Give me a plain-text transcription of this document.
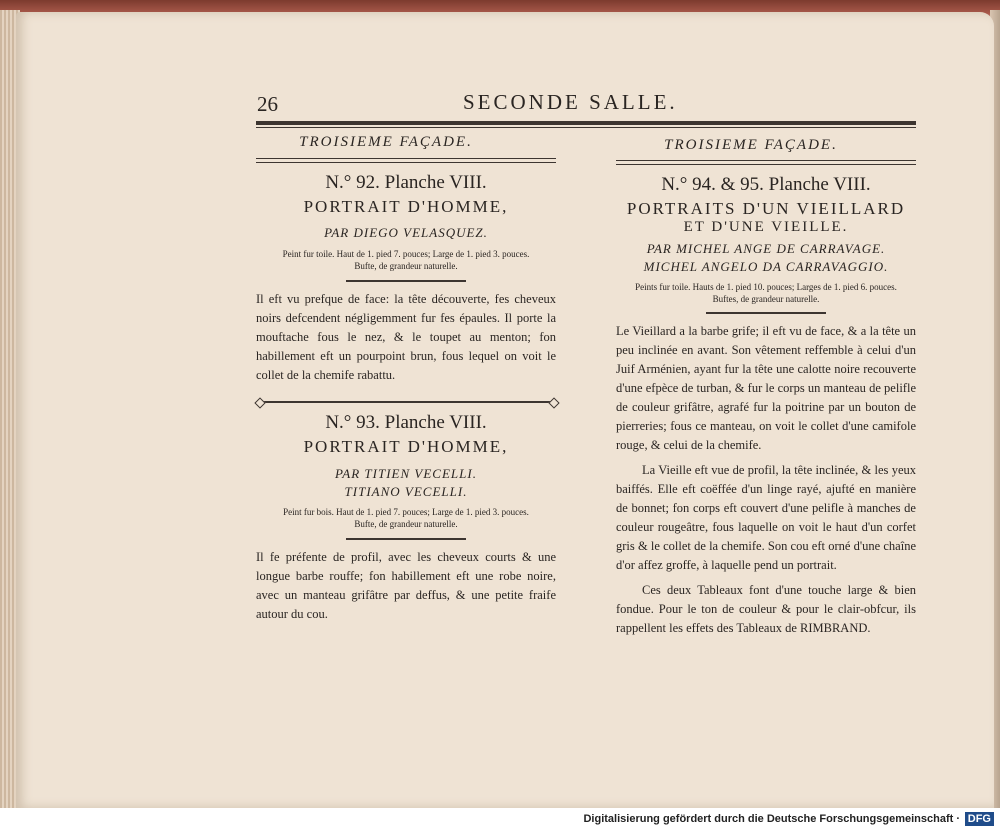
26	SECONDE SALLE.
TROISIEME FAÇADE.
N.° 92. Planche VIII.
PORTRAIT D'HOMME,
PAR DIEGO VELASQUEZ.
Peint fur toile. Haut de 1. pied 7. pouces; Large de 1. pied 3. pouces.
Bufte, de grandeur naturelle.

Il eft vu prefque de face: la tête découverte, fes cheveux noirs defcendent négligemment fur fes épaules. Il porte la mouftache fous le nez, & le toupet au menton; fon habillement eft un pourpoint brun, fous lequel on voit le collet de la chemife rabattu.

N.° 93. Planche VIII.
PORTRAIT D'HOMME,
PAR TITIEN VECELLI.
TITIANO VECELLI.
Peint fur bois. Haut de 1. pied 7. pouces; Large de 1. pied 3. pouces.
Bufte, de grandeur naturelle.

Il fe préfente de profil, avec les cheveux courts & une longue barbe rouffe; fon habillement eft une robe noire, avec un manteau grifâtre par deffus, & une petite fraife autour du cou.

TROISIEME FAÇADE.
N.° 94. & 95. Planche VIII.
PORTRAITS D'UN VIEILLARD
ET D'UNE VIEILLE.
PAR MICHEL ANGE DE CARRAVAGE.
MICHEL ANGELO DA CARRAVAGGIO.
Peints fur toile. Hauts de 1. pied 10. pouces; Larges de 1. pied 6. pouces.
Buftes, de grandeur naturelle.

Le Vieillard a la barbe grife; il eft vu de face, & a la tête un peu inclinée en avant. Son vêtement reffemble à celui d'un Juif Arménien, ayant fur la tête une calotte noire recouverte d'une efpèce de turban, & fur le corps un manteau de pelifle de couleur grifâtre, agrafé fur la poitrine par un bouton de pierreries; fous ce manteau, on voit le collet d'une camifole rouge, & celui de la chemife.

La Vieille eft vue de profil, la tête inclinée, & les yeux baiffés. Elle eft coëffée d'un linge rayé, ajufté en manière de bonnet; fon corps eft couvert d'une pelifle à manches de couleur rougeâtre, fous laquelle on voit le haut d'un corfet gris & le collet de la chemife. Son cou eft orné d'une chaîne d'or affez groffe, à laquelle pend un portrait.

Ces deux Tableaux font d'une touche large & bien fondue. Pour le ton de couleur & pour le clair-obfcur, ils rappellent les effets des Tableaux de RIMBRAND.

Digitalisierung gefördert durch die Deutsche Forschungsgemeinschaft · DFG
